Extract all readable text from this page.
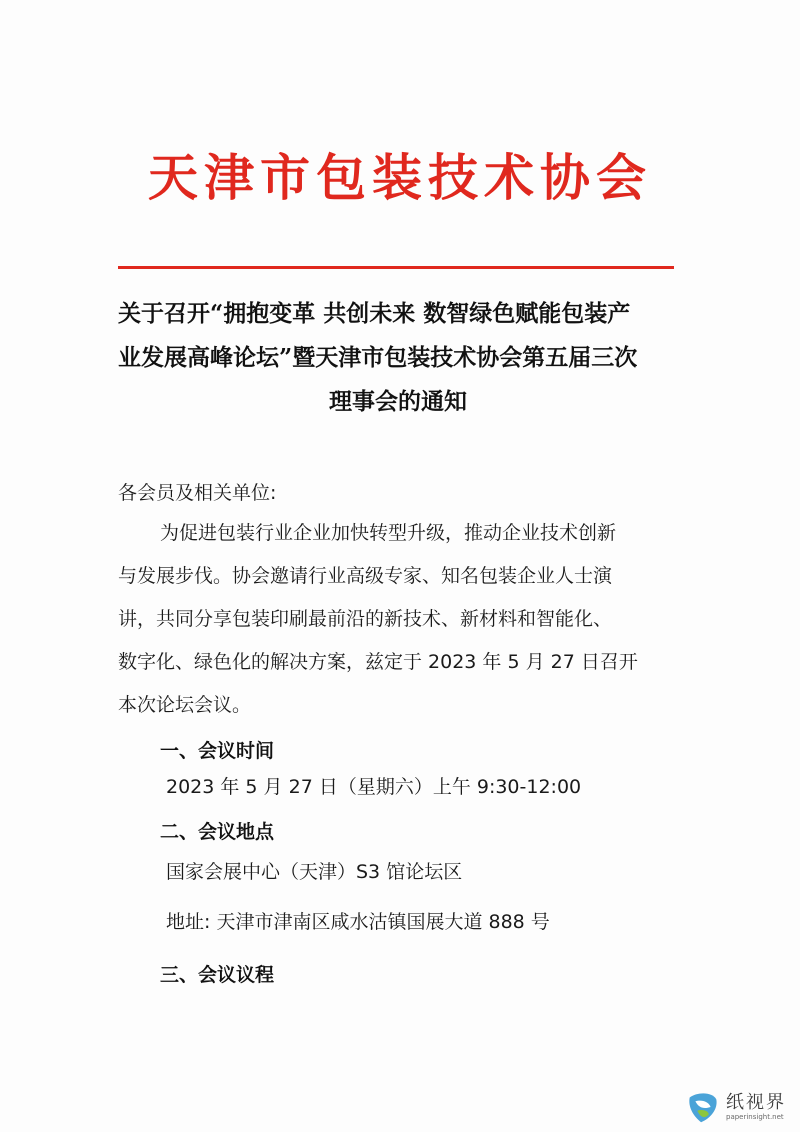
天津市包装技术协会
关于召开“拥抱变革 共创未来 数智绿色赋能包装产
业发展高峰论坛”暨天津市包装技术协会第五届三次
理事会的通知
各会员及相关单位:
为促进包装行业企业加快转型升级，推动企业技术创新
与发展步伐。协会邀请行业高级专家、知名包装企业人士演
讲，共同分享包装印刷最前沿的新技术、新材料和智能化、
数字化、绿色化的解决方案，兹定于 2023 年 5 月 27 日召开
本次论坛会议。
一、会议时间
2023 年 5 月 27 日（星期六）上午 9:30-12:00
二、会议地点
国家会展中心（天津）S3 馆论坛区
地址: 天津市津南区咸水沽镇国展大道 888 号
三、会议议程
纸视界
paperinsight.net
